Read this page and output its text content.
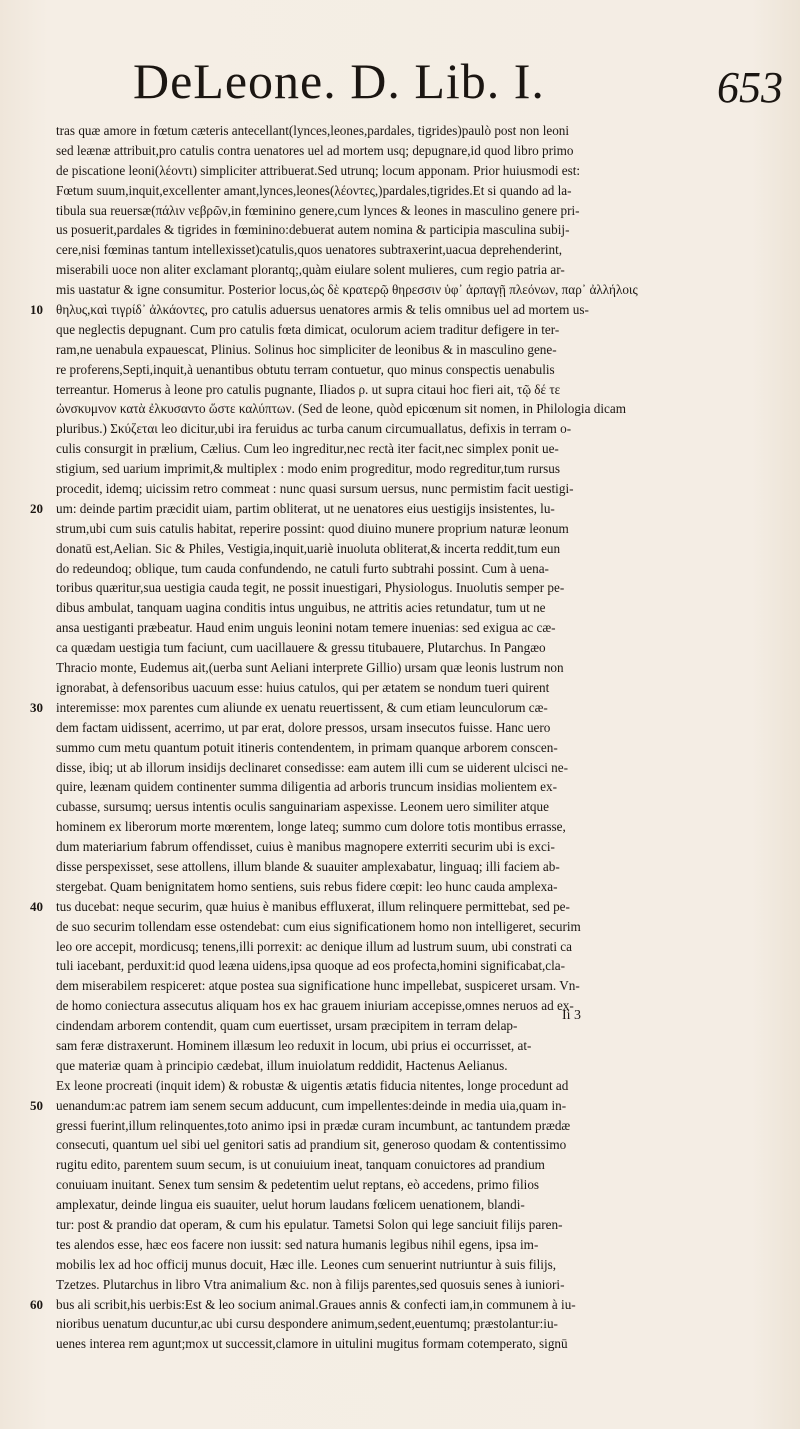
DeLeone. D. Lib. I.	653
tras quæ amore in fœtum cæteris antecellant(lynces,leones,pardales, tigrides)paulò post non leoni
sed leænæ attribuit,pro catulis contra uenatores uel ad mortem usq; depugnare,id quod libro primo
de piscatione leoni(λέοντι) simpliciter attribuerat.Sed utrunq; locum apponam. Prior huiusmodi est:
Fœtum suum,inquit,excellenter amant,lynces,leones(λέοντες,)pardales,tigrides.Et si quando ad la-
tibula sua reuersæ(πάλιν νεβρῶν,in fœminino genere,cum lynces & leones in masculino genere pri-
us posuerit,pardales & tigrides in fœminino:debuerat autem nomina & participia masculina subij-
cere,nisi fœminas tantum intellexisset)catulis,quos uenatores subtraxerint,uacua deprehenderint,
miserabili uoce non aliter exclamant plorantq;,quàm eiulare solent mulieres, cum regio patria ar-
mis uastatur & igne consumitur. Posterior locus,ὡς δὲ κρατερῷ θηρεσσιν ὑφ᾽ ἁρπαγῇ πλεόνων, παρ᾽ ἀλλήλοις
10 θηλυς,καὶ τιγρίδ᾽ ἀλκάοντες, pro catulis aduersus uenatores armis & telis omnibus uel ad mortem us-
que neglectis depugnant. Cum pro catulis fœta dimicat, oculorum aciem traditur defigere in ter-
ram,ne uenabula expauescat, Plinius. Solinus hoc simpliciter de leonibus & in masculino gene-
re proferens,Septi,inquit,à uenantibus obtutu terram contuetur, quo minus conspectis uenabulis
terreantur. Homerus à leone pro catulis pugnante, Iliados ρ. ut supra citaui hoc fieri ait, τῷ δέ τε
ὠνσκυμνον κατὰ ἐλκυσαντο ὥστε καλύπτων. (Sed de leone, quòd epicœnum sit nomen, in Philologia dicam
pluribus.) Σκύζεται leo dicitur,ubi ira feruidus ac turba canum circumuallatus, defixis in terram o-
culis consurgit in prælium, Cælius. Cum leo ingreditur,nec rectà iter facit,nec simplex ponit ue-
stigium, sed uarium imprimit,& multiplex : modo enim progreditur, modo regreditur,tum rursus
procedit, idemq; uicissim retro commeat : nunc quasi sursum uersus, nunc permistim facit uestigi-
20 um: deinde partim præcidit uiam, partim obliterat, ut ne uenatores eius uestigijs insistentes, lu-
strum,ubi cum suis catulis habitat, reperire possint: quod diuino munere proprium naturæ leonum
donatū est,Aelian. Sic & Philes, Vestigia,inquit,uariè inuoluta obliterat,& incerta reddit,tum eun
do redeundoq; oblique, tum cauda confundendo, ne catuli furto subtrahi possint. Cum à uena-
toribus quæritur,sua uestigia cauda tegit, ne possit inuestigari, Physiologus. Inuolutis semper pe-
dibus ambulat, tanquam uagina conditis intus unguibus, ne attritis acies retundatur, tum ut ne
ansa uestiganti præbeatur. Haud enim unguis leonini notam temere inuenias: sed exigua ac cæ-
ca quædam uestigia tum faciunt, cum uacillauere & gressu titubauere, Plutarchus. In Pangæo
Thracio monte, Eudemus ait,(uerba sunt Aeliani interprete Gillio) ursam quæ leonis lustrum non
ignorabat, à defensoribus uacuum esse: huius catulos, qui per ætatem se nondum tueri quirent
30 interemisse: mox parentes cum aliunde ex uenatu reuertissent, & cum etiam leunculorum cæ-
dem factam uidissent, acerrimo, ut par erat, dolore pressos, ursam insecutos fuisse. Hanc uero
summo cum metu quantum potuit itineris contendentem, in primam quanque arborem conscen-
disse, ibiq; ut ab illorum insidijs declinaret consedisse: eam autem illi cum se uiderent ulcisci ne-
quire, leænam quidem continenter summa diligentia ad arboris truncum insidias molientem ex-
cubasse, sursumq; uersus intentis oculis sanguinariam aspexisse. Leonem uero similiter atque
hominem ex liberorum morte mœrentem, longe lateq; summo cum dolore totis montibus errasse,
dum materiarium fabrum offendisset, cuius è manibus magnopere exterriti securim ubi is exci-
disse perspexisset, sese attollens, illum blande & suauiter amplexabatur, linguaq; illi faciem ab-
stergebat. Quam benignitatem homo sentiens, suis rebus fidere cœpit: leo hunc cauda amplexa-
40 tus ducebat: neque securim, quæ huius è manibus effluxerat, illum relinquere permittebat, sed pe-
de suo securim tollendam esse ostendebat: cum eius significationem homo non intelligeret, securim
leo ore accepit, mordicusq; tenens,illi porrexit: ac denique illum ad lustrum suum, ubi constrati ca
tuli iacebant, perduxit:id quod leæna uidens,ipsa quoque ad eos profecta,homini significabat,cla-
dem miserabilem respiceret: atque postea sua significatione hunc impellebat, suspiceret ursam. Vn-
de homo coniectura assecutus aliquam hos ex hac grauem iniuriam accepisse,omnes neruos ad ex-
cindendam arborem contendit, quam cum euertisset, ursam præcipitem in terram delap-
sam feræ distraxerunt. Hominem illæsum leo reduxit in locum, ubi prius ei occurrisset, at-
que materiæ quam à principio cædebat, illum inuiolatum reddidit, Hactenus Aelianus.
Ex leone procreati (inquit idem) & robustæ & uigentis ætatis fiducia nitentes, longe procedunt ad
50 uenandum:ac patrem iam senem secum adducunt, cum impellentes:deinde in media uia,quam in-
gressi fuerint,illum relinquentes,toto animo ipsi in prædæ curam incumbunt, ac tantundem prædæ
consecuti, quantum uel sibi uel genitori satis ad prandium sit, generoso quodam & contentissimo
rugitu edito, parentem suum secum, is ut conuiuium ineat, tanquam conuictores ad prandium
conuiuam inuitant. Senex tum sensim & pedetentim uelut reptans, eò accedens, primo filios
amplexatur, deinde lingua eis suauiter, uelut horum laudans fœlicem uenationem, blandi-
tur: post & prandio dat operam, & cum his epulatur. Tametsi Solon qui lege sanciuit filijs paren-
tes alendos esse, hæc eos facere non iussit: sed natura humanis legibus nihil egens, ipsa im-
mobilis lex ad hoc officij munus docuit, Hæc ille. Leones cum senuerint nutriuntur à suis filijs,
Tzetzes. Plutarchus in libro Vtra animalium &c. non à filijs parentes,sed quosuis senes à iuniori-
60 bus ali scribit,his uerbis:Est & leo socium animal.Graues annis & confecti iam,in communem à iu-
nioribus uenatum ducuntur,ac ubi cursu despondere animum,sedent,euentumq; præstolantur:iu-
uenes interea rem agunt;mox ut successit,clamore in uitulini mugitus formam cotemperato, signū
Ii 3
